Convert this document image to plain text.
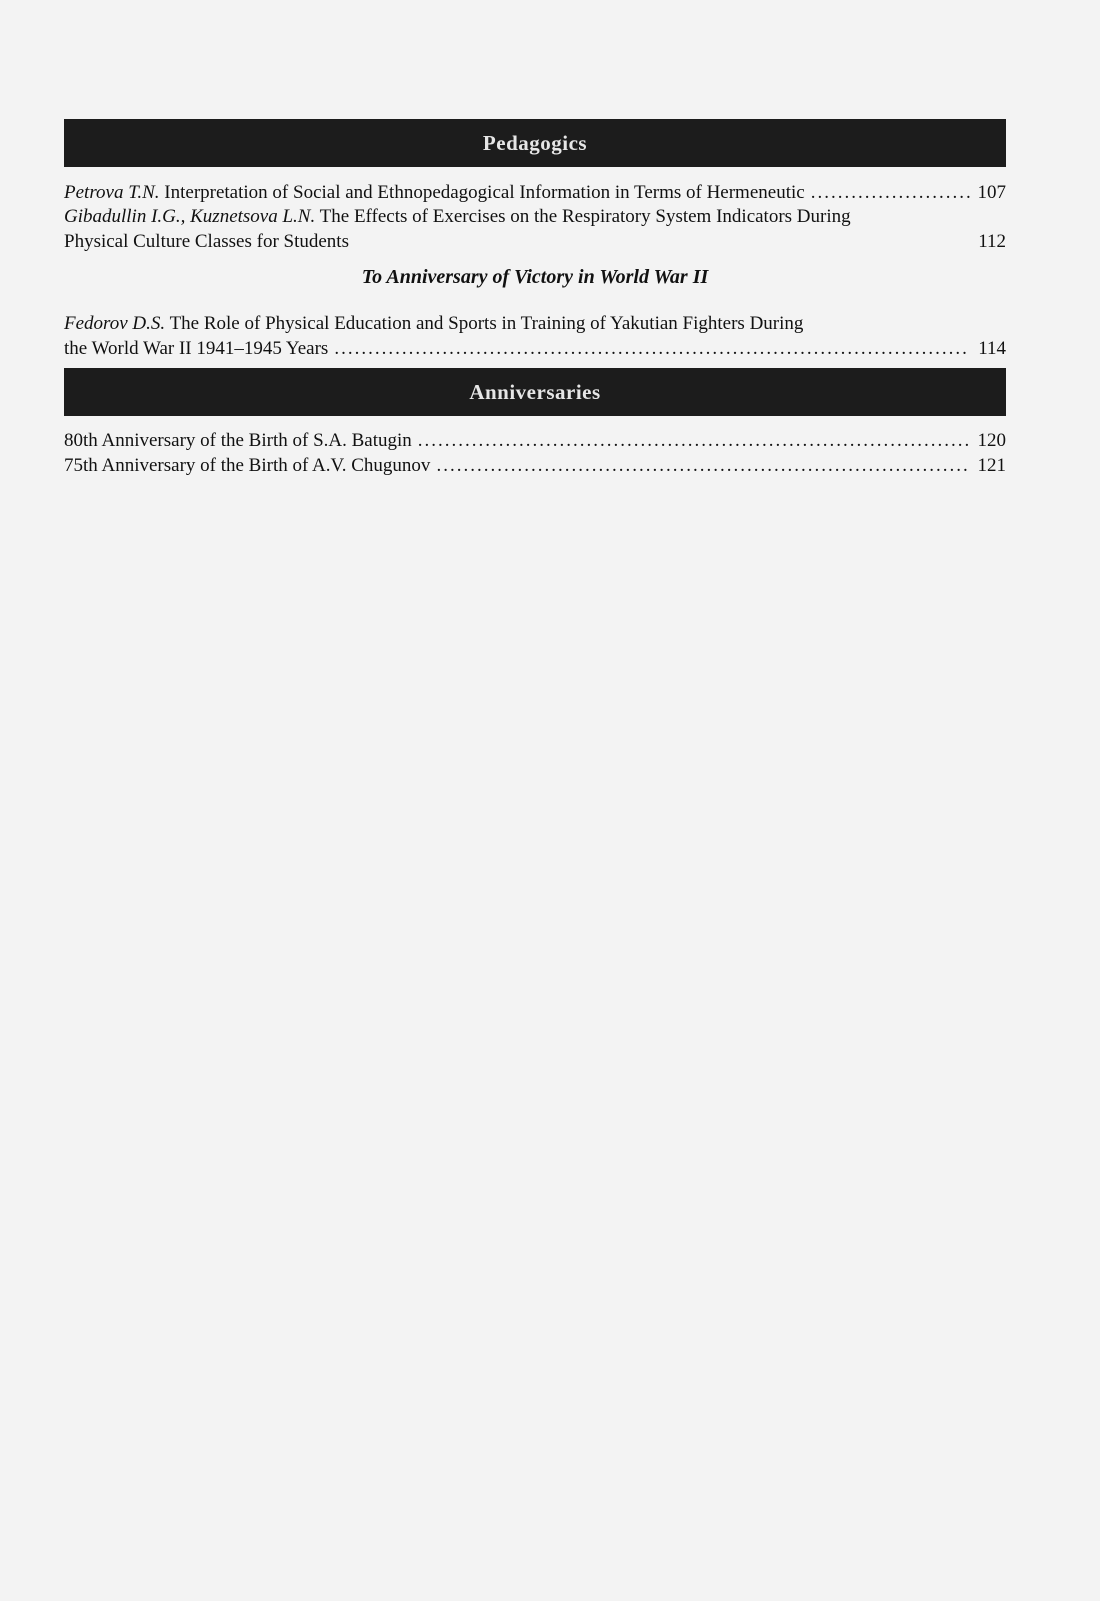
Pedagogics
Petrova T.N. Interpretation of Social and Ethnopedagogical Information in Terms of Hermeneutic .....	107
Gibadullin I.G., Kuznetsova L.N. The Effects of Exercises on the Respiratory System Indicators During
Physical Culture Classes for Students	112
To Anniversary of Victory in World War II
Fedorov D.S. The Role of Physical Education and Sports in Training of Yakutian Fighters During
the World War II 1941–1945 Years .....	114
Anniversaries
80th Anniversary of the Birth of S.A. Batugin .....	120
75th Anniversary of the Birth of A.V. Chugunov .....	121
